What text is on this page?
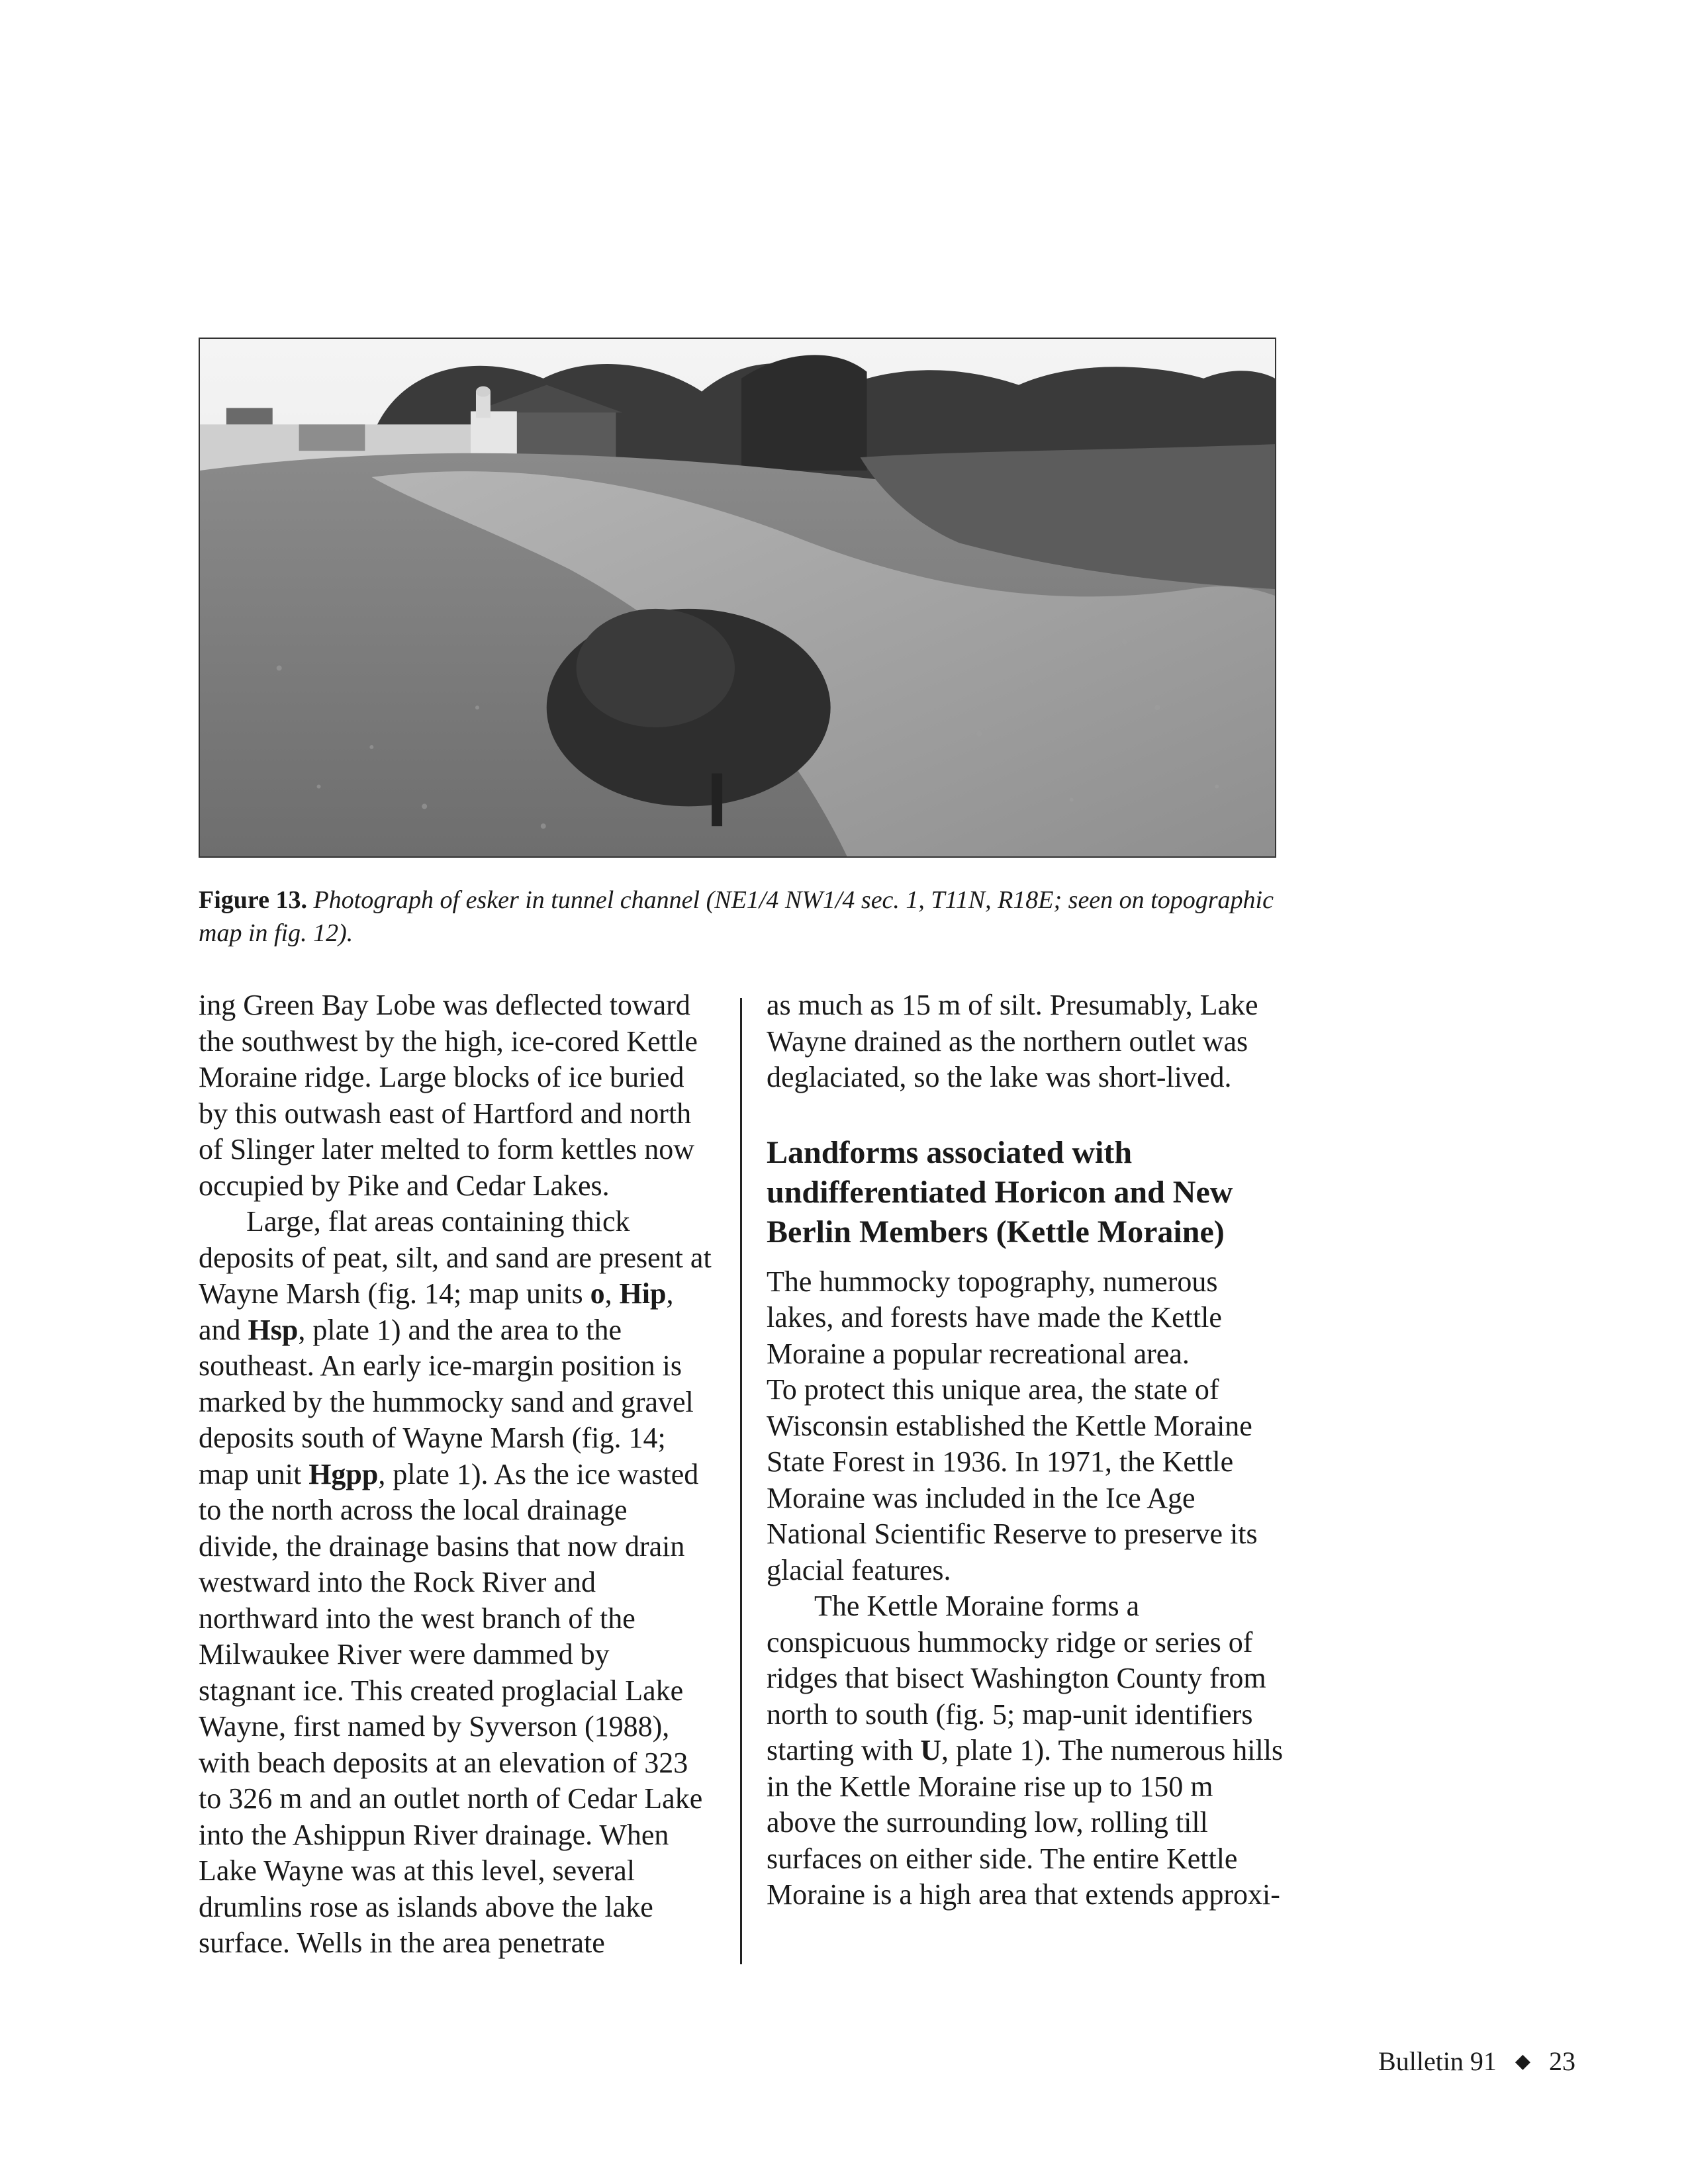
Figure 13. Photograph of esker in tunnel channel (NE1/4 NW1/4 sec. 1, T11N, R18E; seen on topographic map in fig. 12).

ing Green Bay Lobe was deflected toward the southwest by the high, ice-cored Kettle Moraine ridge. Large blocks of ice buried by this outwash east of Hartford and north of Slinger later melted to form kettles now occupied by Pike and Cedar Lakes.

Large, flat areas containing thick deposits of peat, silt, and sand are present at Wayne Marsh (fig. 14; map units o, Hip, and Hsp, plate 1) and the area to the southeast. An early ice-margin position is marked by the hummocky sand and gravel deposits south of Wayne Marsh (fig. 14; map unit Hgpp, plate 1). As the ice wasted to the north across the local drainage divide, the drainage basins that now drain westward into the Rock River and northward into the west branch of the Milwaukee River were dammed by stagnant ice. This created proglacial Lake Wayne, first named by Syverson (1988), with beach deposits at an elevation of 323 to 326 m and an outlet north of Cedar Lake into the Ashippun River drainage. When Lake Wayne was at this level, several drumlins rose as islands above the lake surface. Wells in the area penetrate

as much as 15 m of silt. Presumably, Lake Wayne drained as the northern outlet was deglaciated, so the lake was short-lived.

Landforms associated with undifferentiated Horicon and New Berlin Members (Kettle Moraine)

The hummocky topography, numerous lakes, and forests have made the Kettle Moraine a popular recreational area.

To protect this unique area, the state of Wisconsin established the Kettle Moraine State Forest in 1936. In 1971, the Kettle Moraine was included in the Ice Age National Scientific Reserve to preserve its glacial features.

The Kettle Moraine forms a conspicuous hummocky ridge or series of ridges that bisect Washington County from north to south (fig. 5; map-unit identifiers starting with U, plate 1). The numerous hills in the Kettle Moraine rise up to 150 m above the surrounding low, rolling till surfaces on either side. The entire Kettle Moraine is a high area that extends approxi-

Bulletin 91 ◆ 23
